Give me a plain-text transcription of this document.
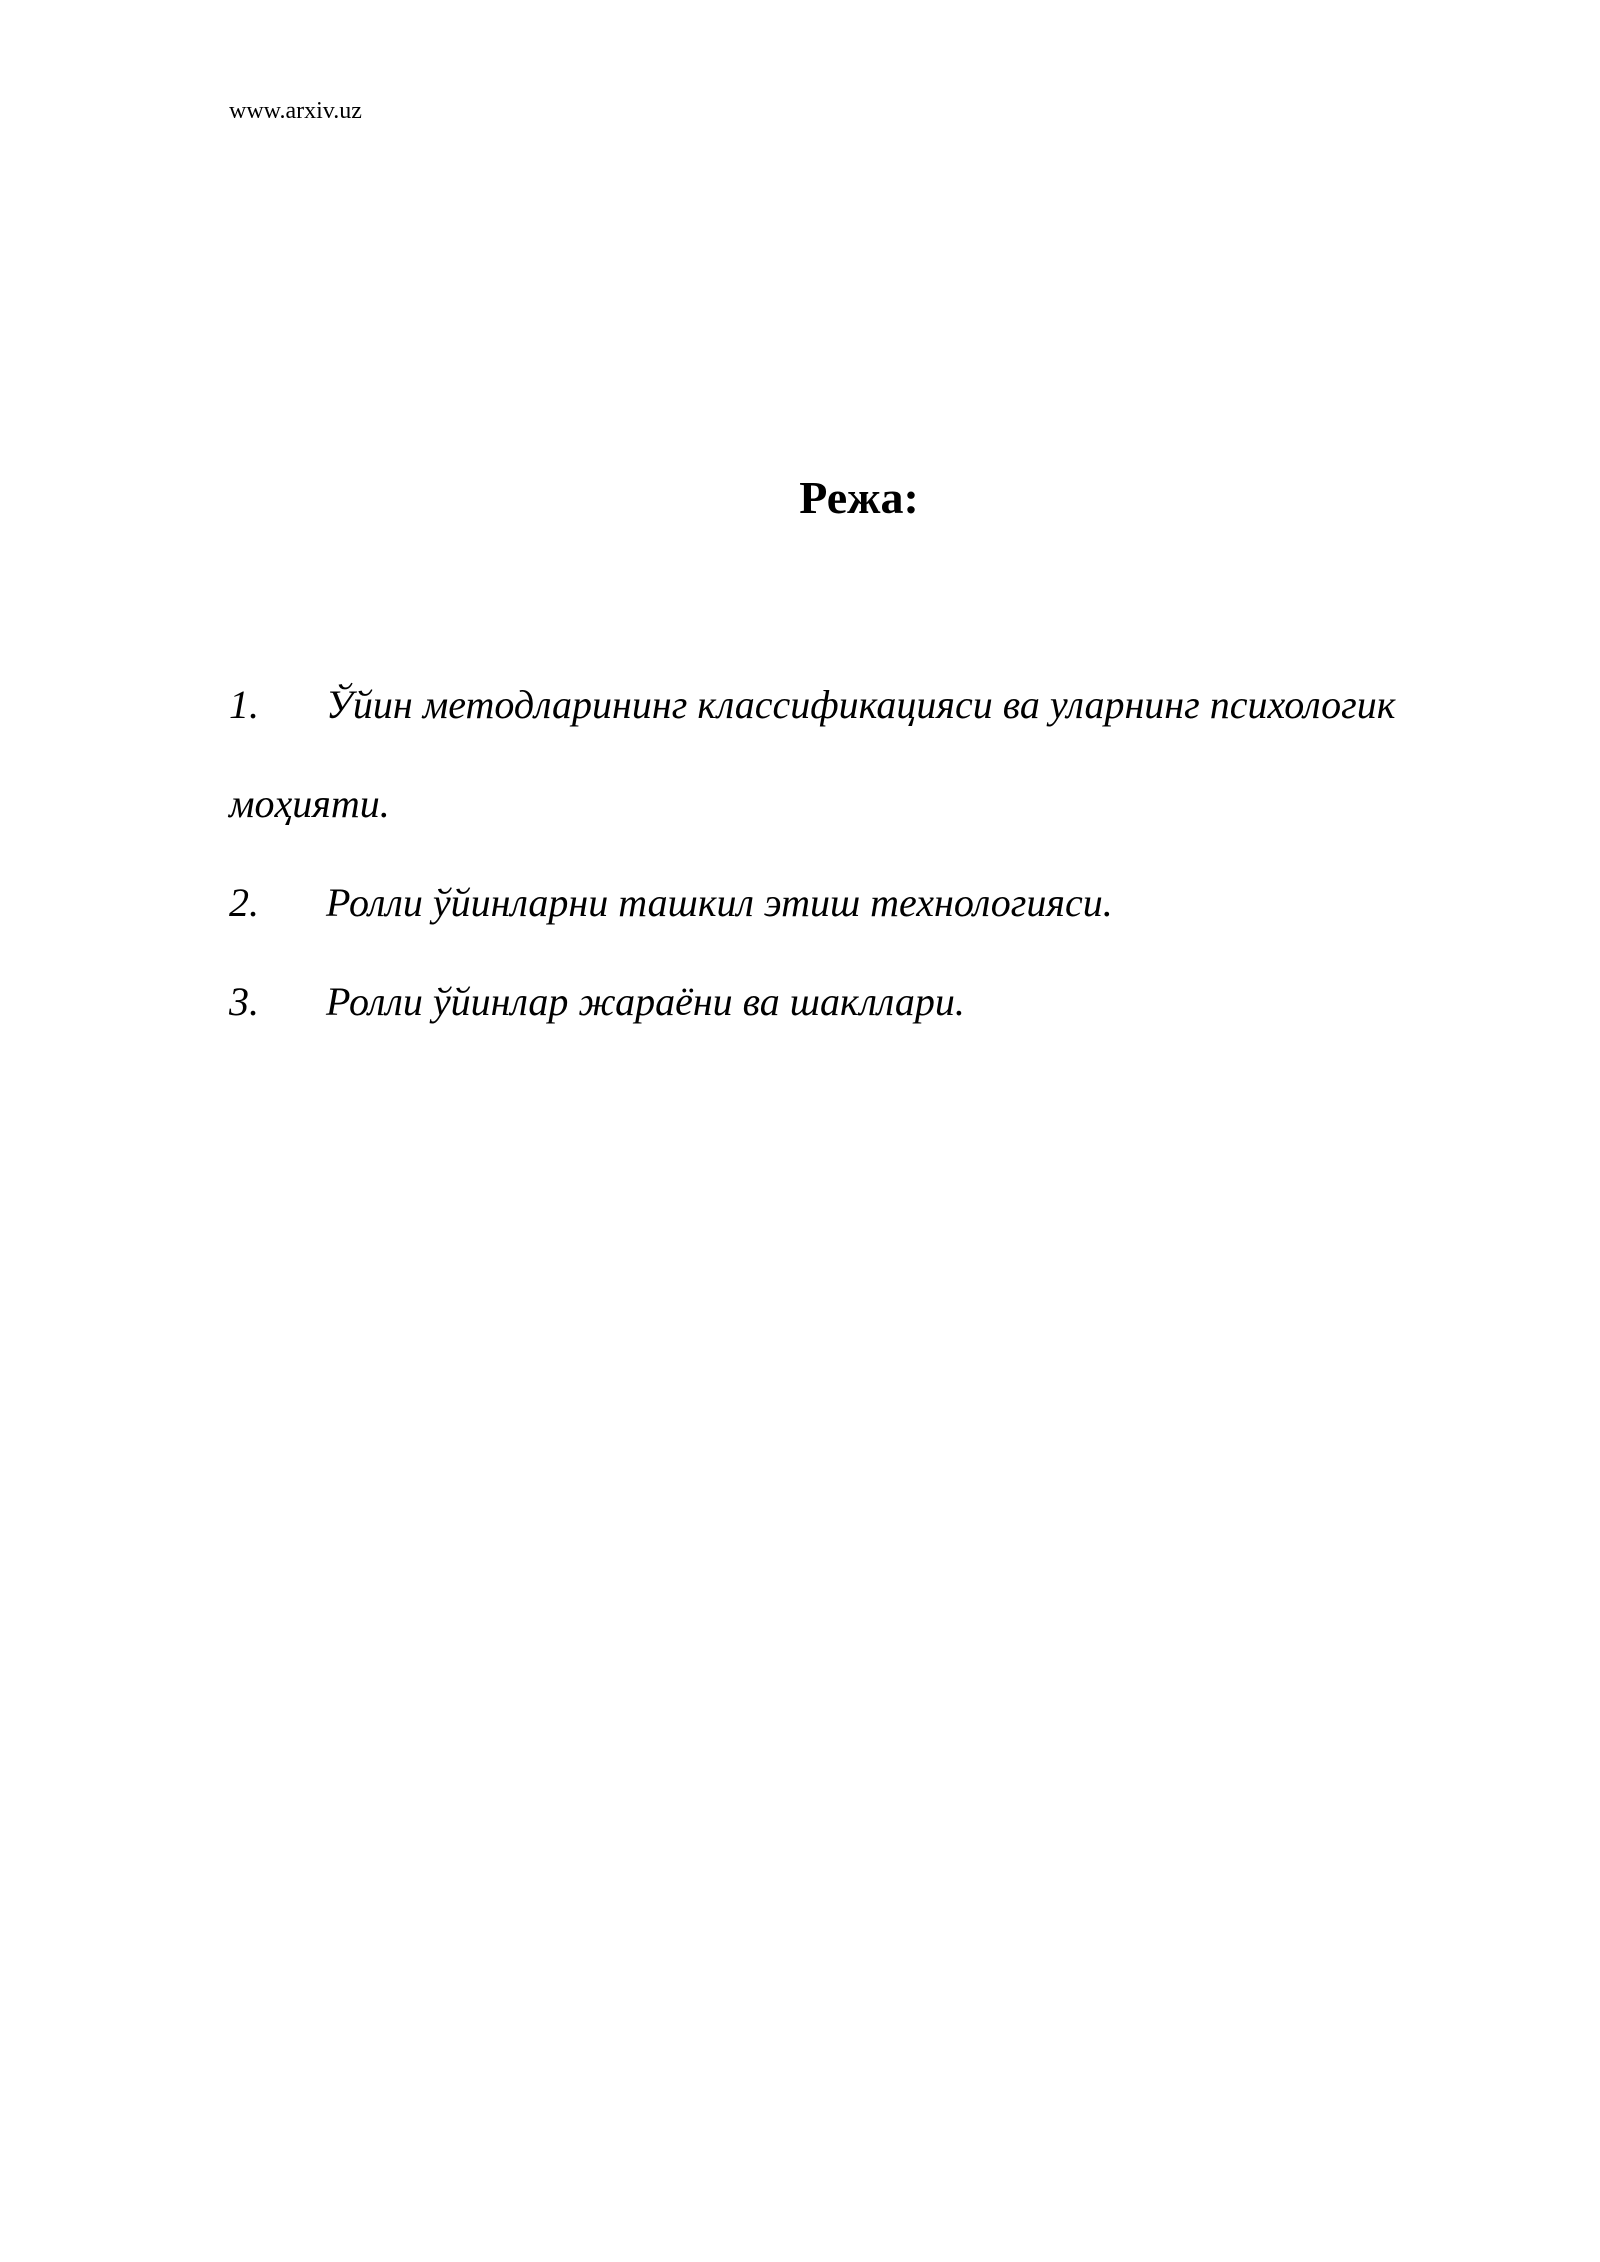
www.arxiv.uz
Режа:
1.	Ўйин методларининг классификацияси ва уларнинг психологик
моҳияти.
2.	Ролли ўйинларни ташкил этиш технологияси.
3.	Ролли ўйинлар жараёни ва шакллари.
